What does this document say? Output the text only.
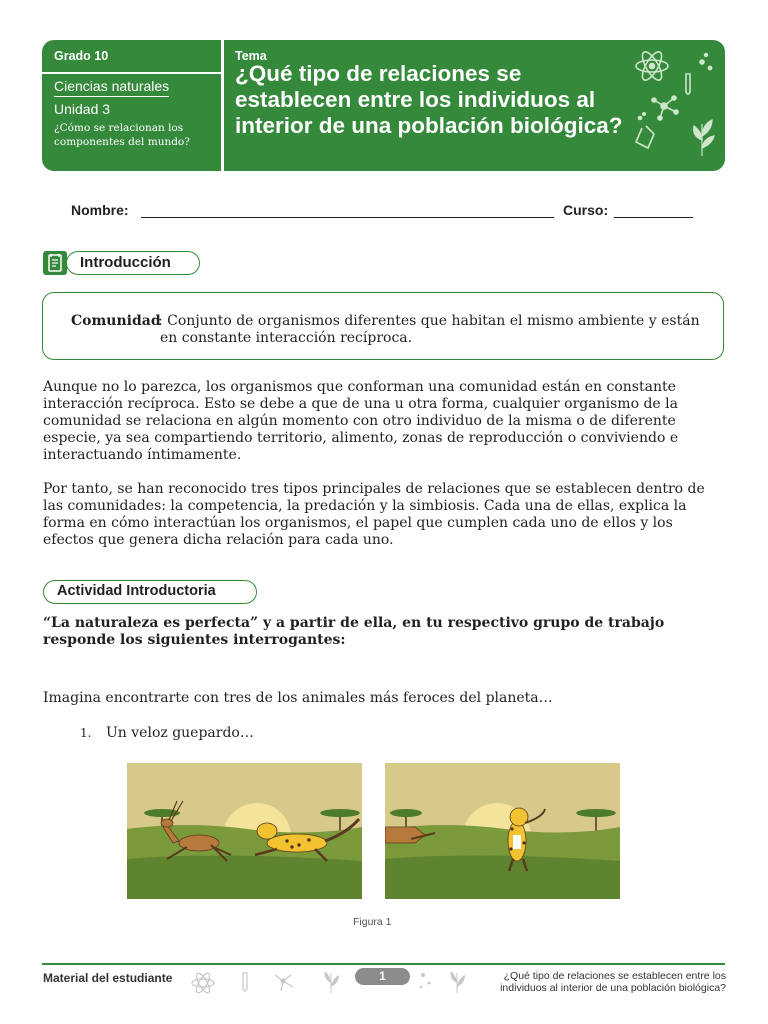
Grado 10
Ciencias naturales
Unidad 3
¿Cómo se relacionan los componentes del mundo?
Tema
¿Qué tipo de relaciones se establecen entre los individuos al interior de una población biológica?
Nombre:	Curso:
Introducción
Comunidad
: Conjunto de organismos diferentes que habitan el mismo ambiente y están en constante interacción recíproca.
Aunque no lo parezca, los organismos que conforman una comunidad están en constante interacción recíproca. Esto se debe a que de una u otra forma, cualquier organismo de la comunidad se relaciona en algún momento con otro individuo de la misma o de diferente especie, ya sea compartiendo territorio, alimento, zonas de reproducción o conviviendo e interactuando íntimamente.
Por tanto, se han reconocido tres tipos principales de relaciones que se establecen dentro de las comunidades: la competencia, la predación y la simbiosis. Cada una de ellas, explica la forma en cómo interactúan los organismos, el papel que cumplen cada uno de ellos y los efectos que genera dicha relación para cada uno.
Actividad Introductoria
“La naturaleza es perfecta” y a partir de ella, en tu respectivo grupo de trabajo responde los siguientes interrogantes:
Imagina encontrarte con tres de los animales más feroces del planeta…
1. Un veloz guepardo…
Figura 1
Material del estudiante	1	¿Qué tipo de relaciones se establecen entre los individuos al interior de una población biológica?
